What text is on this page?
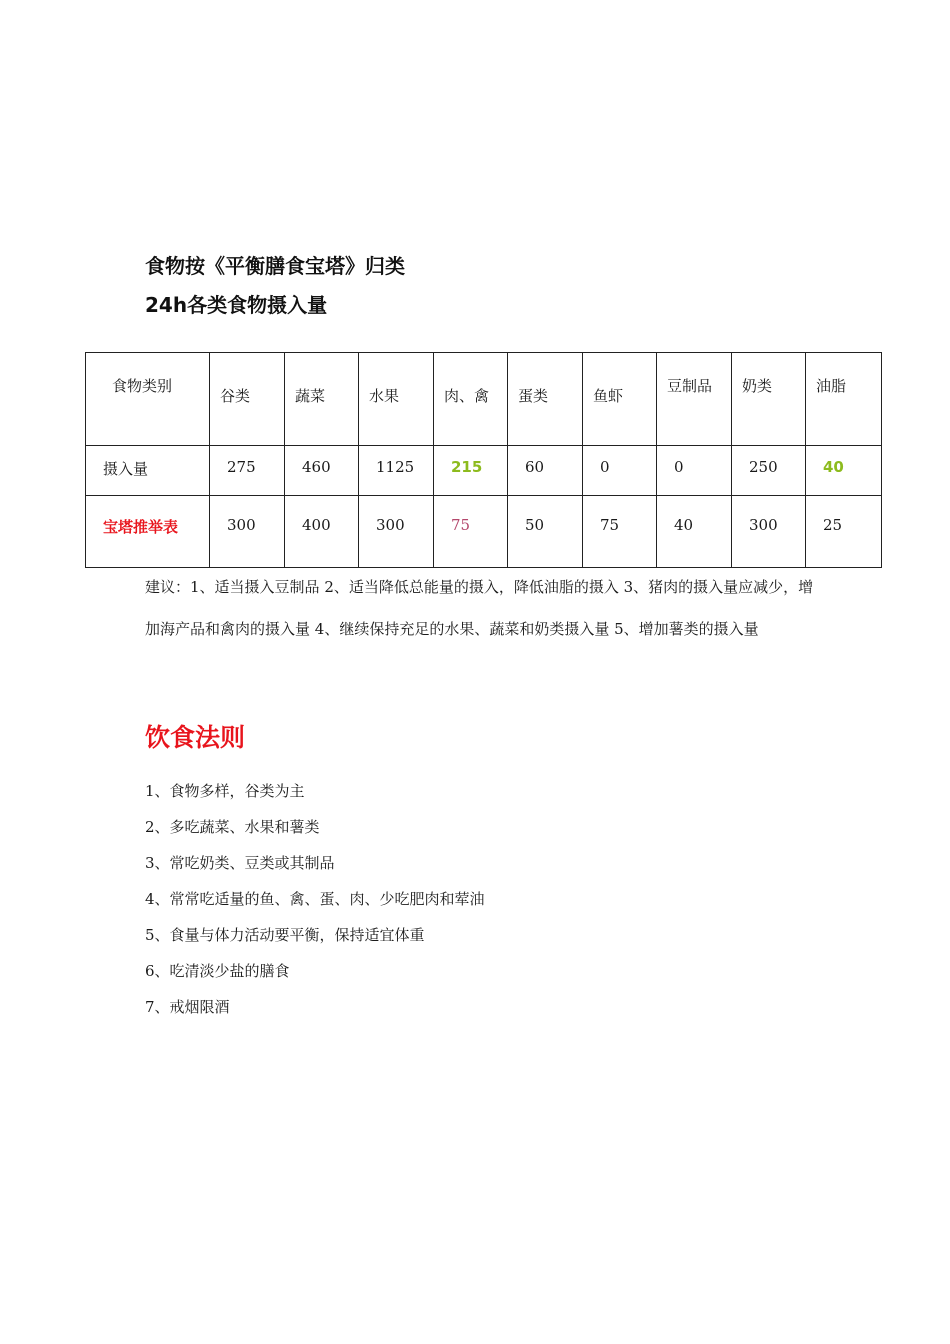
食物按《平衡膳食宝塔》归类
24h各类食物摄入量
食物类别	谷类	蔬菜	水果	肉、禽	蛋类	鱼虾	豆制品	奶类	油脂

摄入量	275	460	1125	215	60	0	0	250	40

宝塔推举表	300	400	300	75	50	75	40	300	25
建议：1、适当摄入豆制品 2、适当降低总能量的摄入，降低油脂的摄入 3、猪肉的摄入量应减少，增加海产品和禽肉的摄入量 4、继续保持充足的水果、蔬菜和奶类摄入量 5、增加薯类的摄入量
饮食法则
1、食物多样，谷类为主
2、多吃蔬菜、水果和薯类
3、常吃奶类、豆类或其制品
4、常常吃适量的鱼、禽、蛋、肉、少吃肥肉和荤油
5、食量与体力活动要平衡，保持适宜体重
6、吃清淡少盐的膳食
7、戒烟限酒
